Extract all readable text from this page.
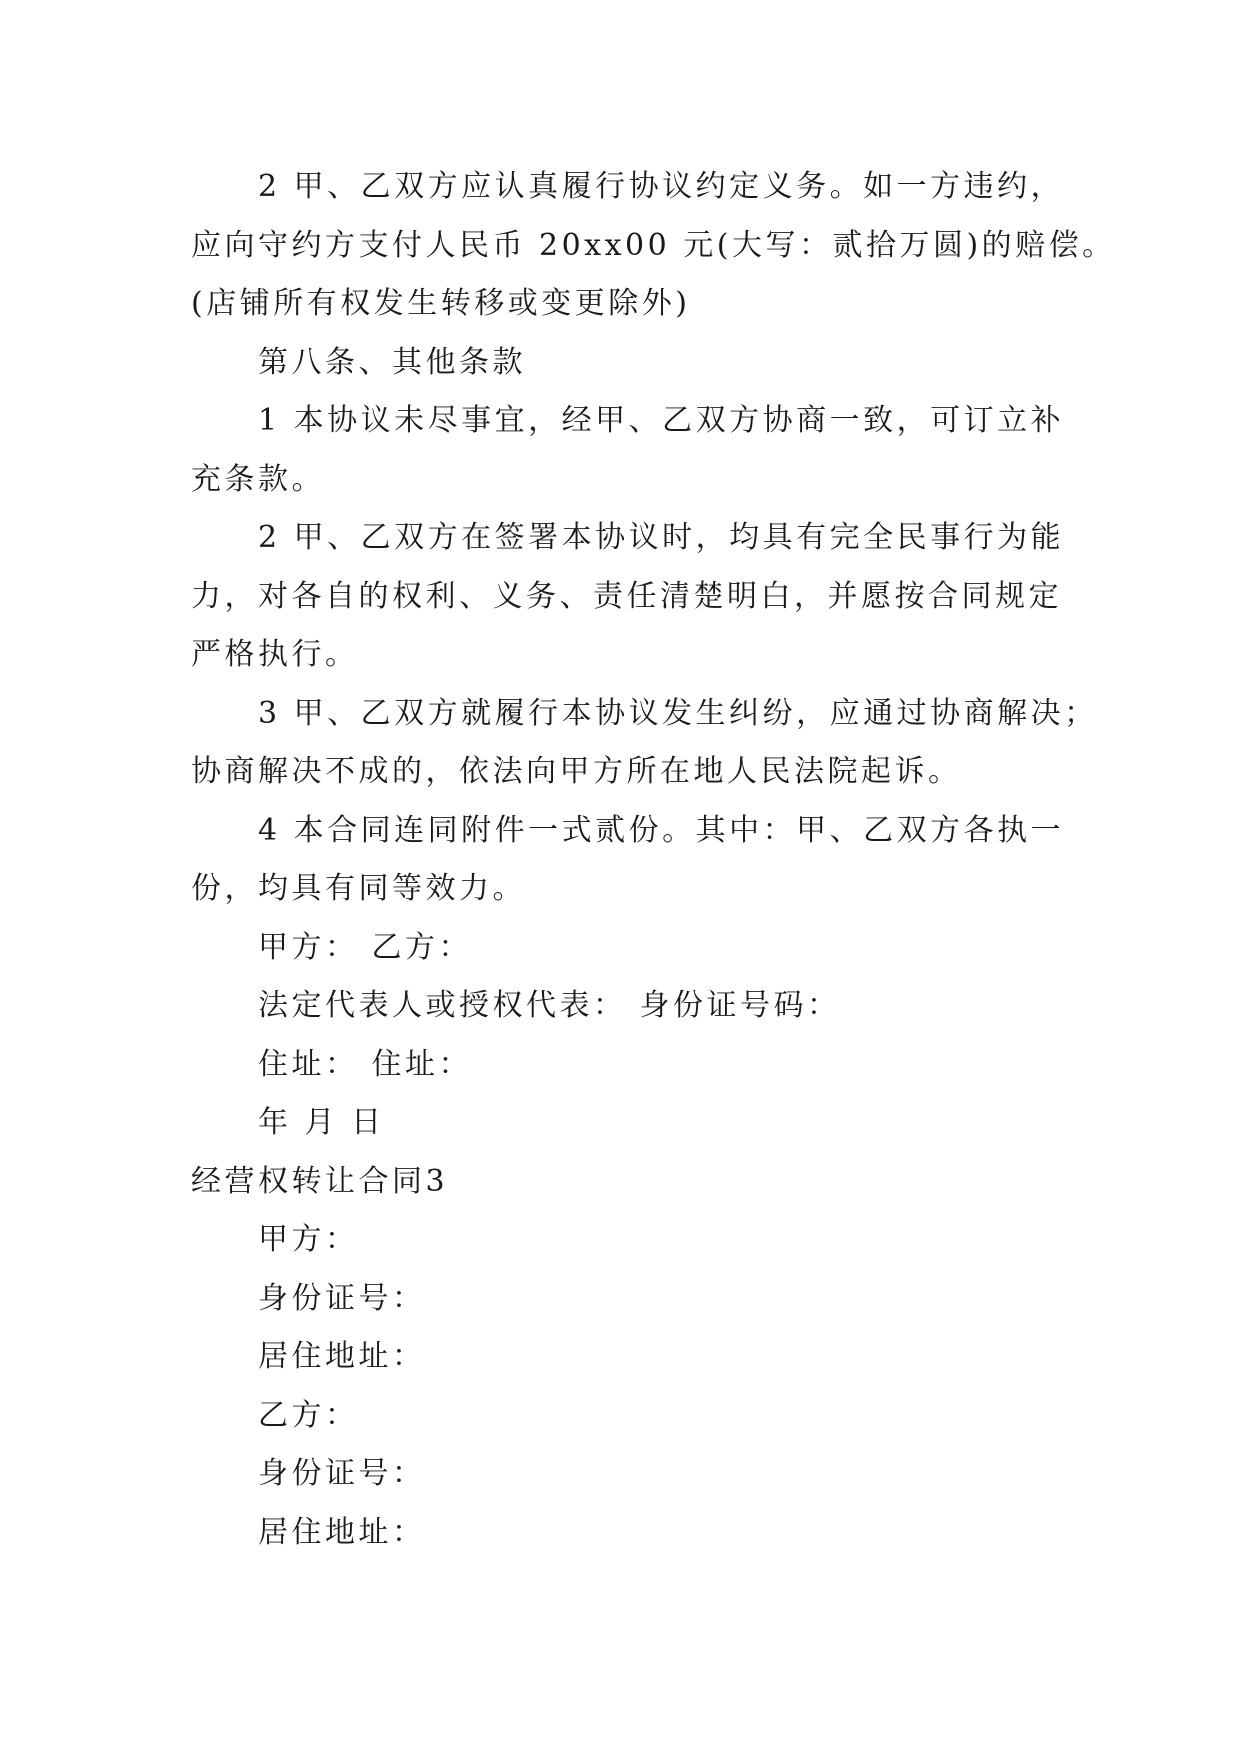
2 甲、乙双方应认真履行协议约定义务。如一方违约，
应向守约方支付人民币 20xx00 元(大写：贰拾万圆)的赔偿。
(店铺所有权发生转移或变更除外)
第八条、其他条款
1 本协议未尽事宜，经甲、乙双方协商一致，可订立补
充条款。
2 甲、乙双方在签署本协议时，均具有完全民事行为能
力，对各自的权利、义务、责任清楚明白，并愿按合同规定
严格执行。
3 甲、乙双方就履行本协议发生纠纷，应通过协商解决；
协商解决不成的，依法向甲方所在地人民法院起诉。
4 本合同连同附件一式贰份。其中：甲、乙双方各执一
份，均具有同等效力。
甲方： 乙方：
法定代表人或授权代表： 身份证号码：
住址： 住址：
年 月 日
经营权转让合同3
甲方：
身份证号：
居住地址：
乙方：
身份证号：
居住地址：
